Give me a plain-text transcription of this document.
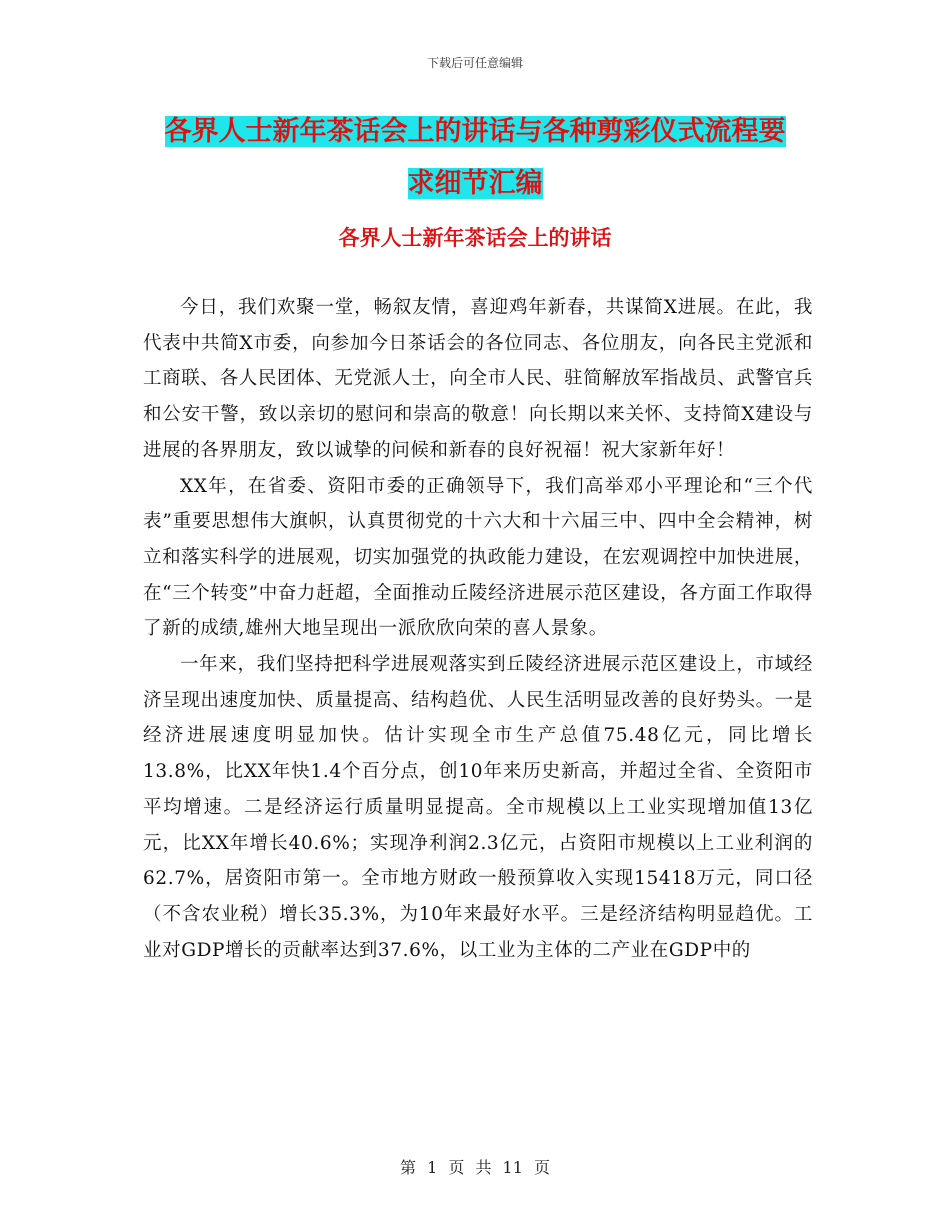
下载后可任意编辑
各界人士新年茶话会上的讲话与各种剪彩仪式流程要
求细节汇编
各界人士新年茶话会上的讲话

今日，我们欢聚一堂，畅叙友情，喜迎鸡年新春，共谋简X进展。在此，我代表中共简X市委，向参加今日茶话会的各位同志、各位朋友，向各民主党派和工商联、各人民团体、无党派人士，向全市人民、驻简解放军指战员、武警官兵和公安干警，致以亲切的慰问和崇高的敬意！向长期以来关怀、支持简X建设与进展的各界朋友，致以诚挚的问候和新春的良好祝福！祝大家新年好！

XX年，在省委、资阳市委的正确领导下，我们高举邓小平理论和“三个代表”重要思想伟大旗帜，认真贯彻党的十六大和十六届三中、四中全会精神，树立和落实科学的进展观，切实加强党的执政能力建设，在宏观调控中加快进展，在“三个转变”中奋力赶超，全面推动丘陵经济进展示范区建设，各方面工作取得了新的成绩,雄州大地呈现出一派欣欣向荣的喜人景象。

一年来，我们坚持把科学进展观落实到丘陵经济进展示范区建设上，市域经济呈现出速度加快、质量提高、结构趋优、人民生活明显改善的良好势头。一是经济进展速度明显加快。估计实现全市生产总值75.48亿元，同比增长13.8%，比XX年快1.4个百分点，创10年来历史新高，并超过全省、全资阳市平均增速。二是经济运行质量明显提高。全市规模以上工业实现增加值13亿元，比XX年增长40.6%；实现净利润2.3亿元，占资阳市规模以上工业利润的62.7%，居资阳市第一。全市地方财政一般预算收入实现15418万元，同口径（不含农业税）增长35.3%，为10年来最好水平。三是经济结构明显趋优。工业对GDP增长的贡献率达到37.6%，以工业为主体的二产业在GDP中的

第 1 页 共 11 页
